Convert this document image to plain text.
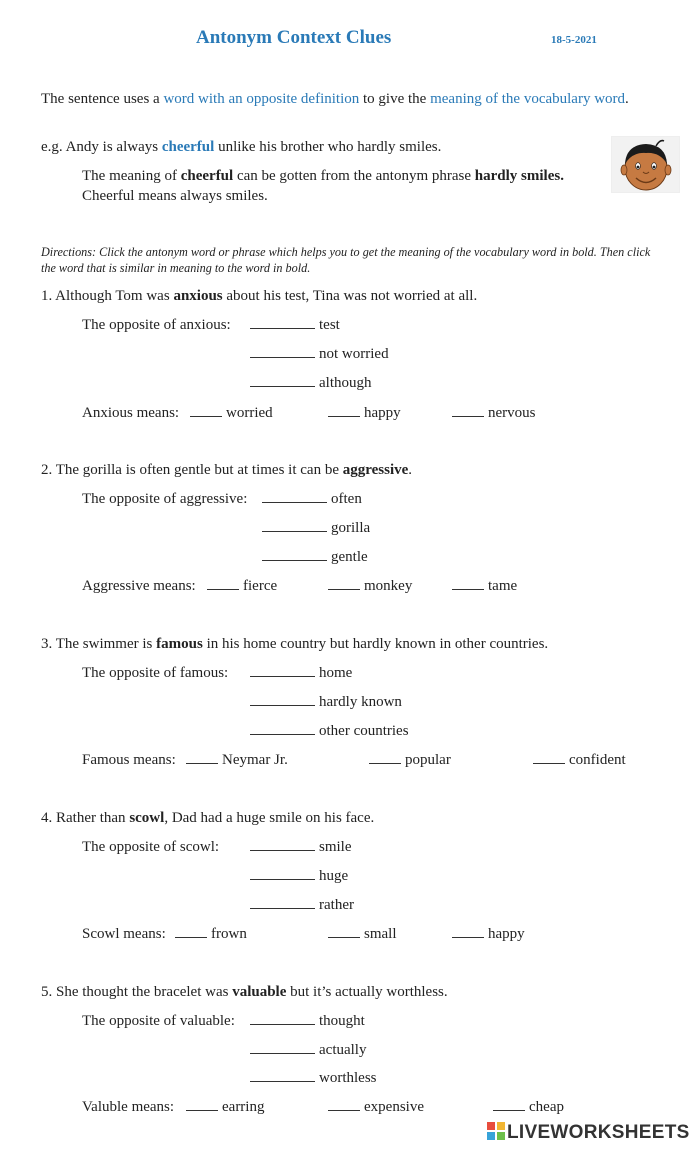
Antonym Context Clues	18-5-2021
The sentence uses a word with an opposite definition to give the meaning of the vocabulary word.
e.g. Andy is always cheerful unlike his brother who hardly smiles.
The meaning of cheerful can be gotten from the antonym phrase hardly smiles.
Cheerful means always smiles.
Directions: Click the antonym word or phrase which helps you to get the meaning of the vocabulary word in bold. Then click the word that is similar in meaning to the word in bold.
1. Although Tom was anxious about his test, Tina was not worried at all.
The opposite of anxious:	test
not worried
although
Anxious means:	worried	happy	nervous
2. The gorilla is often gentle but at times it can be aggressive.
The opposite of aggressive:	often
gorilla
gentle
Aggressive means:	fierce	monkey	tame
3. The swimmer is famous in his home country but hardly known in other countries.
The opposite of famous:	home
hardly known
other countries
Famous means:	Neymar Jr.	popular	confident
4. Rather than scowl, Dad had a huge smile on his face.
The opposite of scowl:	smile
huge
rather
Scowl means:	frown	small	happy
5. She thought the bracelet was valuable but it’s actually worthless.
The opposite of valuable:	thought
actually
worthless
Valuble means:	earring	expensive	cheap
LIVEWORKSHEETS
